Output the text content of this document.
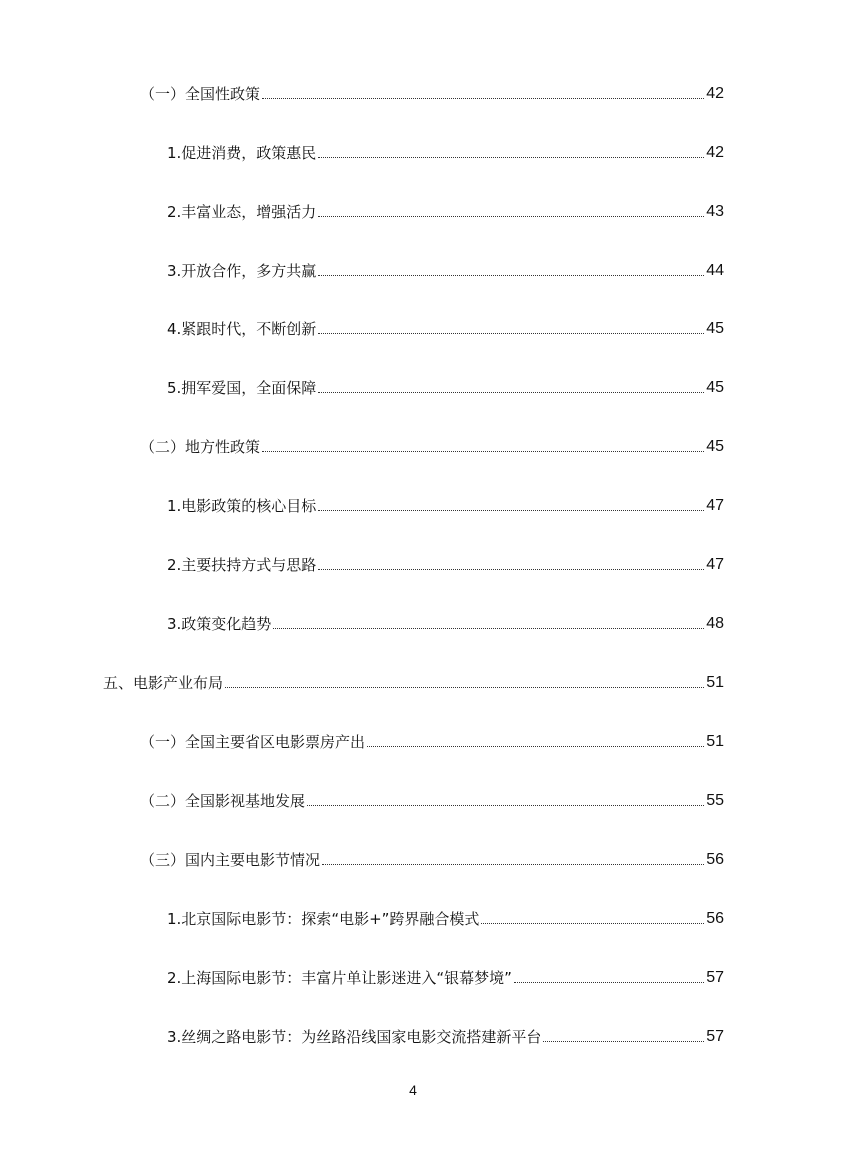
（一）全国性政策	42
1.促进消费，政策惠民	42
2.丰富业态，增强活力	43
3.开放合作，多方共赢	44
4.紧跟时代，不断创新	45
5.拥军爱国，全面保障	45
（二）地方性政策	45
1.电影政策的核心目标	47
2.主要扶持方式与思路	47
3.政策变化趋势	48
五、电影产业布局	51
（一）全国主要省区电影票房产出	51
（二）全国影视基地发展	55
（三）国内主要电影节情况	56
1.北京国际电影节：探索“电影+”跨界融合模式	56
2.上海国际电影节：丰富片单让影迷进入“银幕梦境”	57
3.丝绸之路电影节：为丝路沿线国家电影交流搭建新平台	57
4
